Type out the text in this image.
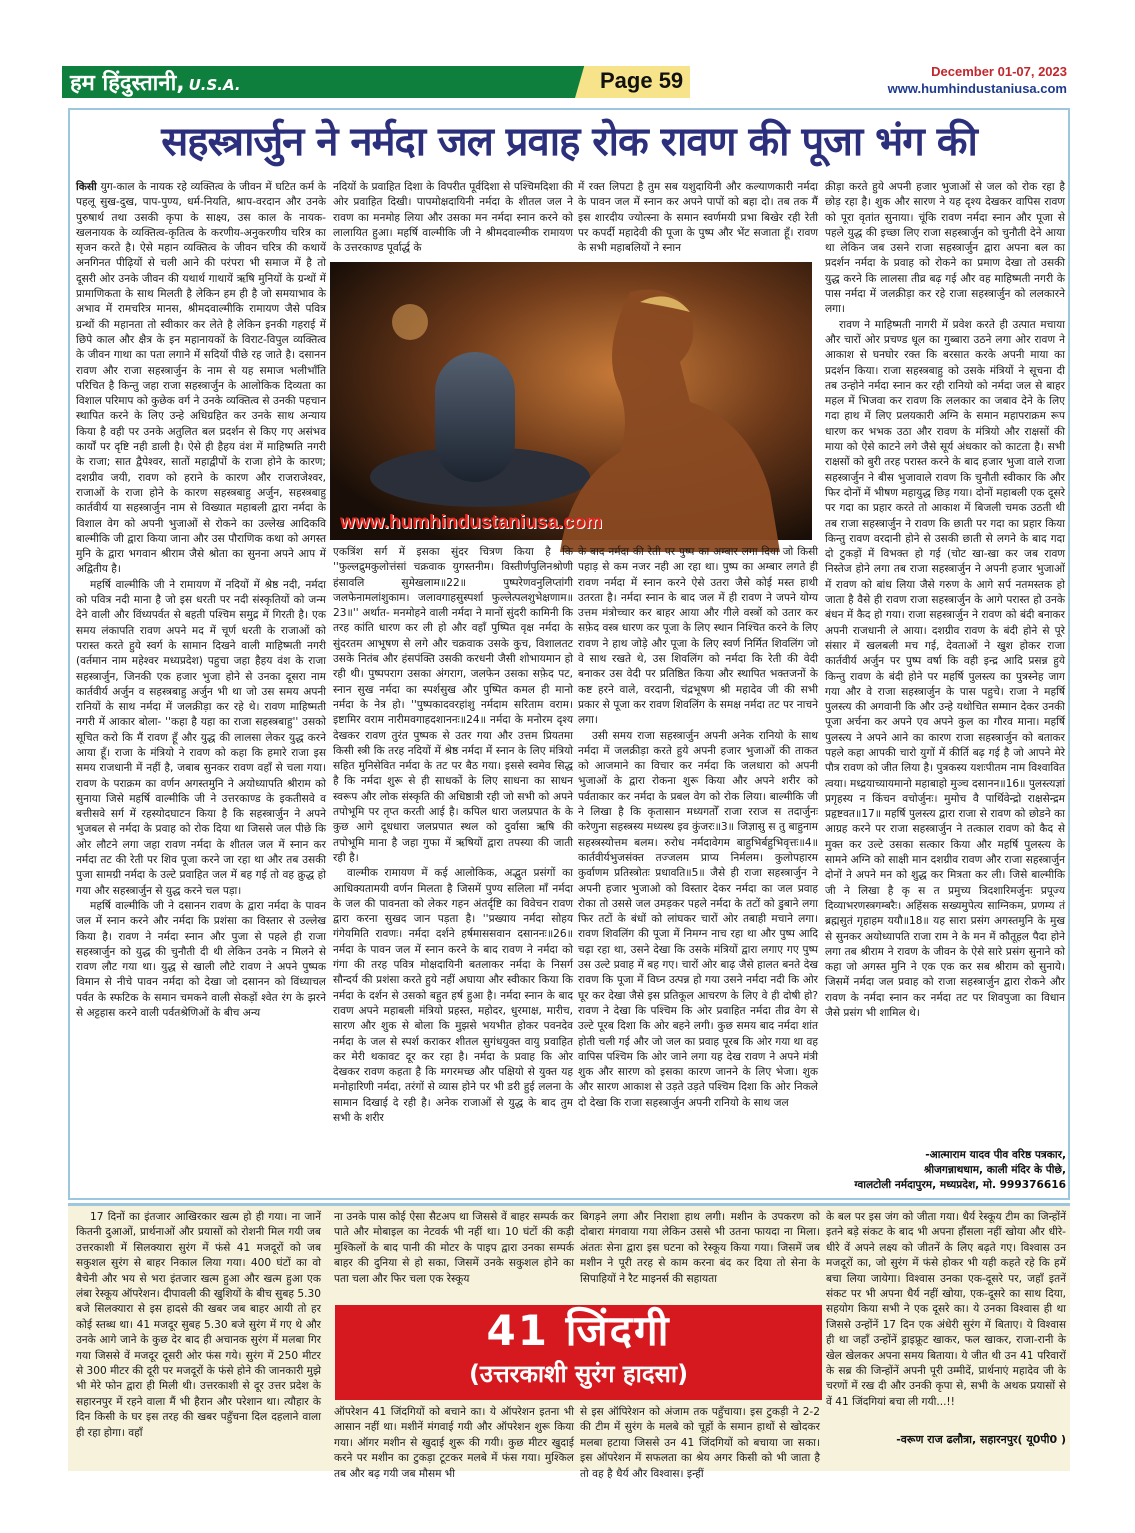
हम हिंदुस्तानी, U.S.A.	Page 59	December 01-07, 2023
www.humhindustaniusa.com
सहस्त्रार्जुन ने नर्मदा जल प्रवाह रोक रावण की पूजा भंग की

किसी युग-काल के नायक रहे व्यक्तित्व के जीवन में घटित कर्म के पहलू सुख-दुख, पाप-पुण्य, धर्म-नियति, श्राप-वरदान और उनके पुरुषार्थ तथा उसकी कृपा के साक्ष्य, उस काल के नायक-खलनायक के व्यक्तित्व-कृतित्व के करणीय-अनुकरणीय चरित्र का सृजन करते है। ऐसे महान व्यक्तित्व के जीवन चरित्र की कथायें अनगिनत पीढ़ियों से चली आने की परंपरा भी समाज में है तो दूसरी ओर उनके जीवन की यथार्थ गाथायें ऋषि मुनियों के ग्रन्थों में प्रामाणिकता के साथ मिलती है लेकिन हम ही है जो समयाभाव के अभाव में रामचरित्र मानस, श्रीमदवाल्मीकि रामायण जैसे पवित्र ग्रन्थों की महानता तो स्वीकार कर लेते है लेकिन इनकी गहराई में छिपे काल और क्षैत्र के इन महानायकों के विराट-विपुल व्यक्तित्व के जीवन गाथा का पता लगाने में सदियों पीछे रह जाते है। दसानन रावण और राजा सहस्त्रार्जुन के नाम से यह समाज भलीभाँति परिचित है किन्तु जहा राजा सहस्त्रार्जुन के आलोकिक दिव्यता का विशाल परिमाप को कुछेक वर्ग ने उनके व्यक्तित्व से उनकी पहचान स्थापित करने के लिए उन्हे अधिग्रहित कर उनके साथ अन्याय किया है वही पर उनके अतुलित बल प्रदर्शन से किए गए असंभव कार्यों पर दृष्टि नही डाली है। ऐसे ही हैहय वंश में माहिष्मति नगरी के राजा; सात द्वैपेश्वर, सातों महाद्वीपों के राजा होने के कारण; दशग्रीव जयी, रावण को हराने के कारण और राजराजेश्वर, राजाओं के राजा होने के कारण सहस्त्रबाहु अर्जुन, सहस्त्रबाहु कार्तवीर्य या सहस्त्रार्जुन नाम से विख्यात महाबली द्वारा नर्मदा के विशाल वेग को अपनी भुजाओं से रोकने का उल्लेख आदिकवि बाल्मीकि जी द्वारा किया जाना और उस पौराणिक कथा को अगस्त मुनि के द्वारा भगवान श्रीराम जैसे श्रोता का सुनना अपने आप में अद्वितीय है।

महर्षि वाल्मीकि जी ने रामायण में नदियों में श्रेष्ठ नदी, नर्मदा को पवित्र नदी माना है जो इस धरती पर नदी संस्कृतियों को जन्म देने वाली और विंध्यपर्वत से बहती पश्चिम समुद्र में गिरती है। एक समय लंकापति रावण अपने मद में चूर्ण धरती के राजाओं को परास्त करते हुये स्वर्ग के सामान दिखने वाली माहिष्मती नगरी (वर्तमान नाम महेश्वर मध्यप्रदेश) पहुचा जहा हैहय वंश के राजा सहस्त्रार्जुन, जिनकी एक हजार भुजा होने से उनका दूसरा नाम कार्तवीर्य अर्जुन व सहस्त्रबाहु अर्जुन भी था जो उस समय अपनी रानियों के साथ नर्मदा में जलक्रीड़ा कर रहे थे। रावण माहिष्मती नगरी में आकार बोला- ''कहा है यहा का राजा सहस्त्रबाहु'' उसको सूचित करो कि मैं रावण हूँ और युद्ध की लालसा लेकर युद्ध करने आया हूँ। राजा के मंत्रियो ने रावण को कहा कि हमारे राजा इस समय राजधानी में नहीं है, जबाब सुनकर रावण वहाँ से चला गया। रावण के पराक्रम का वर्णन अगस्तमुनि ने अयोध्यापति श्रीराम को सुनाया जिसे महर्षि वाल्मीकि जी ने उत्तरकाण्ड के इकतीसवे व बत्तीसवे सर्ग में रहस्योदघाटन किया है कि सहस्त्रार्जुन ने अपने भुजबल से नर्मदा के प्रवाह को रोक दिया था जिससे जल पीछे कि ओर लौटने लगा जहा रावण नर्मदा के शीतल जल में स्नान कर नर्मदा तट की रेती पर शिव पूजा करने जा रहा था और तब उसकी पुजा सामग्री नर्मदा के उल्टे प्रवाहित जल में बह गई तो वह क्रुद्ध हो गया और सहस्त्रार्जुन से युद्ध करने चल पड़ा।

महर्षि वाल्मीकि जी ने दसानन रावण के द्वारा नर्मदा के पावन जल में स्नान करने और नर्मदा कि प्रशंसा का विस्तार से उल्लेख किया है। रावण ने नर्मदा स्नान और पुजा से पहले ही राजा सहस्त्रार्जुन को युद्ध की चुनौती दी थी लेकिन उनके न मिलने से रावण लौट गया था। युद्ध से खाली लौटे रावण ने अपने पुष्पक विमान से नीचे पावन नर्मदा को देखा जो दसानन को विंध्याचल पर्वत के स्फटिक के समान चमकने वाली सेकड़ों श्वेत रंग के झरने से अट्टहास करने वाली पर्वतश्रेणिओं के बीच अन्य

नदियों के प्रवाहित दिशा के विपरीत पूर्वदिशा से पश्चिमदिशा की ओर प्रवाहित दिखी। पापमोक्षदायिनी नर्मदा के शीतल जल ने रावण का मनमोह लिया और उसका मन नर्मदा स्नान करने को लालायित हुआ। महर्षि वाल्मीकि जी ने श्रीमदवाल्मीक रामायण के उत्तरकाण्ड पूर्वार्द्ध के

में रक्त लिपटा है तुम सब यशुदायिनी और कल्याणकारी नर्मदा के पावन जल में स्नान कर अपने पापों को बहा दो। तब तक मैं इस शारदीय ज्योत्स्ना के समान स्वर्णमयी प्रभा बिखेर रही रेती पर कपर्दी महादेवी की पूजा के पुष्प और भेंट सजाता हूँ। रावण के सभी महाबलियों ने स्नान

www.humhindustaniusa.com

एकत्रिंश सर्ग में इसका सुंदर चित्रण किया है कि ''फुल्लद्रुमकुलोत्तंसां चक्रवाक युगस्तनीम। विस्तीर्णपुलिनश्रोणी हंसावलि सुमेखलाम॥22॥ पुष्परेणवनुलिप्तांगी जलफेनामलांशुकाम। जलावगाहसुस्पर्शा फुल्लेत्पलशुभेक्षणाम॥23॥'' अर्थात- मनमोहने वाली नर्मदा ने मानों सुंदरी कामिनी कि तरह कांति धारण कर ली हो और वहाँ पुष्पित वृक्ष नर्मदा के सुंदरतम आभूषण से लगे और चक्रवाक उसके कुच, विशालतट उसके नितंब और हंसपंक्ति उसकी करधनी जैसी शोभायमान हो रही थी। पुष्पपराग उसका अंगराग, जलफेन उसका सफ़ेद पट, स्नान सुख नर्मदा का स्पर्शसुख और पुष्पित कमल ही मानो नर्मदा के नेत्र हो। ''पुष्पकादवरहांशु नर्मदाम सरिताम वराम। इष्टामिर वराम नारीमवगाहदशाननः॥24॥ नर्मदा के मनोरम दृश्य देखकर रावण तुरंत पुष्पक से उतर गया और उत्तम प्रियतमा किसी स्त्री कि तरह नदियों में श्रेष्ठ नर्मदा में स्नान के लिए मंत्रियो सहित मुनिसेवित नर्मदा के तट पर बैठ गया। इससे स्वमेव सिद्ध है कि नर्मदा शुरू से ही साधकों के लिए साधना का साधन स्वरूप और लोक संस्कृति की अधिष्ठात्री रही जो सभी को अपने तपोभूमि पर तृप्त करती आई है। कपिल धारा जलप्रपात के के कुछ आगे दूधधारा जलप्रपात स्थल को दुर्वासा ऋषि की तपोभूमि माना है जहा गुफा में ऋषियों द्वारा तपस्या की जाती रही है।

वाल्मीक रामायण में कई आलोकिक, अद्भुत प्रसंगों का आधिक्यतामयी वर्णन मिलता है जिसमें पुण्य सलिला माँ नर्मदा के जल की पावनता को लेकर गहन अंतर्दृष्टि का विवेचन रावण द्वारा करना सुखद जान पड़ता है। ''प्रख्याय नर्मदा सोहय गंगेयमिति रावणः। नर्मदा दर्शने हर्षमाससवान दसाननः॥26॥ नर्मदा के पावन जल में स्नान करने के बाद रावण ने नर्मदा को गंगा की तरह पवित्र मोक्षदायिनी बतलाकर नर्मदा के निसर्ग सौन्दर्य की प्रशंसा करते हुये नहीं अघाया और स्वीकार किया कि नर्मदा के दर्शन से उसको बहुत हर्ष हुआ है। नर्मदा स्नान के बाद रावण अपने महाबली मंत्रियो प्रहस्त, महोदर, धुरमाक्ष, मारीच, सारण और शुक से बोला कि मुझसे भयभीत होकर पवनदेव नर्मदा के जल से स्पर्श कराकर शीतल सुगंधयुक्त वायु प्रवाहित कर मेरी थकावट दूर कर रहा है। नर्मदा के प्रवाह कि ओर देखकर रावण कहता है कि मगरमच्छ और पक्षियो से युक्त यह मनोहारिणी नर्मदा, तरंगों से व्यास होने पर भी डरी हुई ललना के सामान दिखाई दे रही है। अनेक राजाओं से युद्ध के बाद तुम सभी के शरीर

के बाद नर्मदा की रेती पर पुष्प का अम्बार लगा दिया जो किसी पहाड़ से कम नजर नही आ रहा था। पुष्प का अम्बार लगते ही रावण नर्मदा में स्नान करने ऐसे उतरा जैसे कोई मस्त हाथी उतरता है। नर्मदा स्नान के बाद जल में ही रावण ने जपने योग्य उत्तम मंत्रोच्चार कर बाहर आया और गीले वस्त्रों को उतार कर सफ़ेद वस्त्र धारण कर पूजा के लिए स्थान निश्चित करने के लिए रावण ने हाथ जोड़े और पूजा के लिए स्वर्ण निर्मित शिवलिंग जो वे साथ रखते थे, उस शिवलिंग को नर्मदा कि रेती की वेदी बनाकर उस वेदी पर प्रतिष्ठित किया और स्थापित भक्तजनों के कष्ट हरने वाले, वरदानी, चंद्रभूषण श्री महादेव जी की सभी प्रकार से पूजा कर रावण शिवलिंग के समक्ष नर्मदा तट पर नाचने लगा।

उसी समय राजा सहस्त्रार्जुन अपनी अनेक रानियो के साथ नर्मदा में जलक्रीड़ा करते हुये अपनी हजार भुजाओं की ताकत को आजमाने का विचार कर नर्मदा कि जलधारा को अपनी भुजाओं के द्वारा रोकना शुरू किया और अपने शरीर को पर्वताकार कर नर्मदा के प्रबल वेग को रोक लिया। बाल्मीकि जी ने लिखा है कि कृतासान मध्यगतोँ राजा रराज स तदार्जुनः करेणुना सहस्त्रस्य मध्यस्थ इव कुंजरः॥3॥ जिज्ञासु स तु बाहुनाम सहस्त्रस्योत्तम बलम। रुरोध नर्मदावेगम बाहुभिर्बहुभिवृत्तः॥4॥ कार्तवीर्यभुजसंक्त तज्जलम प्राप्य निर्मलम। कुलोपहारम कुर्वाणम प्रतिस्त्रोतः प्रधावति॥5॥ जैसे ही राजा सहस्त्रार्जुन ने अपनी हजार भुजाओ को विस्तार देकर नर्मदा का जल प्रवाह रोका तो उससे जल उमड़कर पहले नर्मदा के तटों को डुबाने लगा फिर तटों के बंधों को लांघकर चारों ओर तबाही मचाने लगा। रावण शिवलिंग की पूजा में निमग्न नाच रहा था और पुष्प आदि चढ़ा रहा था, उसने देखा कि उसके मंत्रियों द्वारा लगाए गए पुष्प उस उल्टे प्रवाह में बह गए। चारों ओर बाढ़ जैसे हालत बनते देख रावण कि पूजा में विघ्न उत्पन्न हो गया उसने नर्मदा नदी कि ओर घूर कर देखा जैसे इस प्रतिकूल आचरण के लिए वे ही दोषी हो? रावण ने देखा कि पश्चिम कि ओर प्रवाहित नर्मदा तीव्र वेग से उल्टे पूरब दिशा कि ओर बहने लगी। कुछ समय बाद नर्मदा शांत होती चली गई और जो जल का प्रवाह पूरब कि ओर गया था वह वापिस पश्चिम कि ओर जाने लगा यह देख रावण ने अपने मंत्री शुक और सारण को इसका कारण जानने के लिए भेजा। शुक और सारण आकाश से उड़ते उड़ते पश्चिम दिशा कि ओर निकले दो देखा कि राजा सहस्त्रार्जुन अपनी रानियो के साथ जल

क्रीड़ा करते हुये अपनी हजार भुजाओं से जल को रोक रहा है छोड़ रहा है। शुक और सारण ने यह दृश्य देखकर वापिस रावण को पूरा वृतांत सुनाया। चूंकि रावण नर्मदा स्नान और पूजा से पहले युद्ध की इच्छा लिए राजा सहस्त्रार्जुन को चुनौती देने आया था लेकिन जब उसने राजा सहस्त्रार्जुन द्वारा अपना बल का प्रदर्शन नर्मदा के प्रवाह को रोकने का प्रमाण देखा तो उसकी युद्ध करने कि लालसा तीव्र बढ़ गई और वह माहिष्मती नगरी के पास नर्मदा में जलक्रीड़ा कर रहे राजा सहस्त्रार्जुन को ललकारने लगा।

रावण ने माहिष्मती नागरी में प्रवेश करते ही उत्पात मचाया और चारों ओर प्रचण्ड धूल का गुब्बारा उठने लगा ओर रावण ने आकाश से घनघोर रक्त कि बरसात करके अपनी माया का प्रदर्शन किया। राजा सहस्त्रबाहु को उसके मंत्रियों ने सूचना दी तब उन्होने नर्मदा स्नान कर रही रानियो को नर्मदा जल से बाहर महल में भिजवा कर रावण कि ललकार का जबाव देने के लिए गदा हाथ में लिए प्रलयकारी अग्नि के समान महापराक्रम रूप धारण कर भभक उठा और रावण के मंत्रियो और राक्षसों की माया को ऐसे काटने लगे जैसे सूर्य अंधकार को काटता है। सभी राक्षसों को बुरी तरह परास्त करने के बाद हजार भुजा वाले राजा सहस्त्रार्जुन ने बीस भुजावाले रावण कि चुनौती स्वीकार कि और फिर दोनों में भीषण महायुद्ध छिड़ गया। दोनों महाबली एक दूसरे पर गदा का प्रहार करते तो आकाश में बिजली चमक उठती थी तब राजा सहस्त्रार्जुन ने रावण कि छाती पर गदा का प्रहार किया किन्तु रावण वरदानी होने से उसकी छाती से लगने के बाद गदा दो टुकड़ों में विभक्त हो गई (चोट खा-खा कर जब रावण निस्तेज होने लगा तब राजा सहस्त्रार्जुन ने अपनी हजार भुजाओं में रावण को बांध लिया जैसे गरुण के आगे सर्प नतमस्तक हो जाता है वैसे ही रावण राजा सहस्त्रार्जुन के आगे परास्त हो उनके बंधन में कैद हो गया। राजा सहस्त्रार्जुन ने रावण को बंदी बनाकर अपनी राजधानी ले आया। दशग्रीव रावण के बंदी होने से पूरे संसार में खलबली मच गई, देवताओं ने खुश होकर राजा कार्तवीर्य अर्जुन पर पुष्प वर्षा कि वही इन्द्र आदि प्रसन्न हुये किन्तु रावण के बंदी होने पर महर्षि पुलस्त्य का पुत्रस्नेह जाग गया और वे राजा सहस्त्रार्जुन के पास पहुचे। राजा ने महर्षि पुलस्त्य की अगवानी कि और उन्हे यथोचित सम्मान देकर उनकी पूजा अर्चना कर अपने एव अपने कुल का गौरव माना। महर्षि पुलस्त्य ने अपने आने का कारण राजा सहस्त्रार्जुन को बताकर पहले कहा आपकी चारो युगों में कीर्ति बढ़ गई है जो आपने मेरे पौत्र रावण को जीत लिया है। पुत्रकस्य यशःपीतम नाम विश्वावित त्वया। मध्द्रयाच्यायमानो महाबाहो मुञ्च दसानन॥16॥ पुलस्त्यज्ञां प्रगृहस्य न किंचन वचोर्जुनः। मुमोच वै पार्थिवेन्द्रो राक्षसेन्द्रम प्रहृष्टवत॥17॥ महर्षि पुलस्त्य द्वारा राजा से रावण को छोडने का आग्रह करने पर राजा सहस्त्रार्जुन ने तत्काल रावण को कैद से मुक्त कर उल्टे उसका सत्कार किया और महर्षि पुलस्त्य के सामने अग्नि को साक्षी मान दशग्रीव रावण और राजा सहस्त्रार्जुन दोनों ने अपने मन को शुद्ध कर मित्रता कर ली। जिसे बाल्मीकि जी ने लिखा है कृ स त प्रमुच्य त्रिदशारिमर्जुनः प्रपूज्य दिव्याभरणस्त्रगम्बरैः। अहिंसक सख्यमुपेत्य साग्निकम, प्रणम्य तं ब्रह्मसुतं गृहाहम ययौ॥18॥ यह सारा प्रसंग अगस्तमुनि के मुख से सुनकर अयोध्यापति राजा राम ने के मन में कौतूहल पैदा होने लगा तब श्रीराम ने रावण के जीवन के ऐसे सारे प्रसंग सुनाने को कहा जो अगस्त मुनि ने एक एक कर सब श्रीराम को सुनाये। जिसमें नर्मदा जल प्रवाह को राजा सहस्त्रार्जुन द्वारा रोकने और रावण के नर्मदा स्नान कर नर्मदा तट पर शिवपुजा का विधान जैसे प्रसंग भी शामिल थे।

-आत्माराम यादव पीव वरिष्ठ पत्रकार,
श्रीजगन्नाथधाम, काली मंदिर के पीछे,
ग्वालटोली नर्मदापुरम, मध्यप्रदेश, मो. 999376616

17 दिनों का इंतजार आखिरकार खत्म हो ही गया। ना जानें कितनी दुआओं, प्रार्थनाओं और प्रयासों को रोशनी मिल गयी जब उत्तरकाशी में सिलक्यारा सुरंग में फंसे 41 मजदूरों को जब सकुशल सुरंग से बाहर निकाल लिया गया। 400 घंटों का वो बैचेनी और भय से भरा इंतजार खत्म हुआ और खत्म हुआ एक लंबा रेस्कूय ऑपरेशन। दीपावली की खुशियों के बीच सुबह 5.30 बजे सिलक्यारा से इस हादसे की खबर जब बाहर आयी तो हर कोई स्तब्ध था। 41 मजदूर सुबह 5.30 बजे सुरंग में गए थे और उनके आगे जाने के कुछ देर बाद ही अचानक सुरंग में मलबा गिर गया जिससे वें मजदूर दूसरी ओर फंस गये। सुरंग में 250 मीटर से 300 मीटर की दूरी पर मजदूरों के फंसे होने की जानकारी मुझे भी मेरे फोन द्वारा ही मिली थी। उत्तरकाशी से दूर उत्तर प्रदेश के सहारनपुर में रहने वाला मैं भी हैरान और परेशान था। त्यौहार के दिन किसी के घर इस तरह की खबर पहुँचना दिल दहलाने वाला ही रहा होगा। वहाँ

ना उनके पास कोई ऐसा सैटअप था जिससे वें बाहर सम्पर्क कर पाते और मोबाइल का नेटवर्क भी नहीं था। 10 घंटों की कड़ी मुश्किलों के बाद पानी की मोटर के पाइप द्वारा उनका सम्पर्क बाहर की दुनिया से हो सका, जिसमें उनके सकुशल होने का पता चला और फिर चला एक रेस्कूय

बिगड़ने लगा और निराशा हाथ लगी। मशीन के उपकरण को दोबारा मंगवाया गया लेकिन उससे भी उतना फायदा ना मिला। अंततः सेना द्वारा इस घटना को रेस्कूय किया गया। जिसमें जब मशीन ने पूरी तरह से काम करना बंद कर दिया तो सेना के सिपाहियों ने रैट माइनर्स की सहायता

41 जिंदगी
(उत्तरकाशी सुरंग हादसा)

ऑपरेशन 41 जिंदगियों को बचाने का। ये ऑपरेशन इतना भी आसान नहीं था। मशीनें मंगवाई गयी और ऑपरेशन शुरू किया गया। ऑगर मशीन से खुदाई शुरू की गयी। कुछ मीटर खुदाई करने पर मशीन का टुकड़ा टूटकर मलबे में फंस गया। मुश्किल तब और बढ़ गयी जब मौसम भी

से इस ऑपिरेशन को अंजाम तक पहुँचाया। इस टुकड़ी ने 2-2 की टीम में सुरंग के मलबे को चूहों के समान हाथों से खोदकर मलबा हटाया जिससे उन 41 जिंदगियों को बचाया जा सका। इस ऑपरेशन में सफलता का श्रेय अगर किसी को भी जाता है तो वह है धैर्य और विश्वास। इन्हीं

के बल पर इस जंग को जीता गया। धैर्य रेस्कूय टीम का जिन्होंनें इतने बड़े संकट के बाद भी अपना हौंसला नहीं खोया और धीरे-धीरे वें अपने लक्ष्य को जीतनें के लिए बढ़ते गए। विश्वास उन मजदूरों का, जो सुरंग में फंसे होकर भी यही कहते रहे कि हमें बचा लिया जायेगा। विश्वास उनका एक-दूसरे पर, जहाँ इतनें संकट पर भी अपना धैर्य नहीं खोया, एक-दूसरे का साथ दिया, सहयोग किया सभी ने एक दूसरे का। ये उनका विश्वास ही था जिससे उन्होंनें 17 दिन एक अंधेरी सुरंग में बिताए। ये विश्वास ही था जहाँ उन्होंनें ड्राइफ्रूट खाकर, फल खाकर, राजा-रानी के खेल खेलकर अपना समय बिताया। ये जीत थी उन 41 परिवारों के सब्र की जिन्होंनें अपनी पूरी उम्मीदें, प्रार्थनाएं महादेव जी के चरणों में रख दी और उनकी कृपा से, सभी के अथक प्रयासों से वें 41 जिंदगियां बचा ली गयी...!!

-वरूण राज ढलौत्रा, सहारनपुर( यू0पी0 )
